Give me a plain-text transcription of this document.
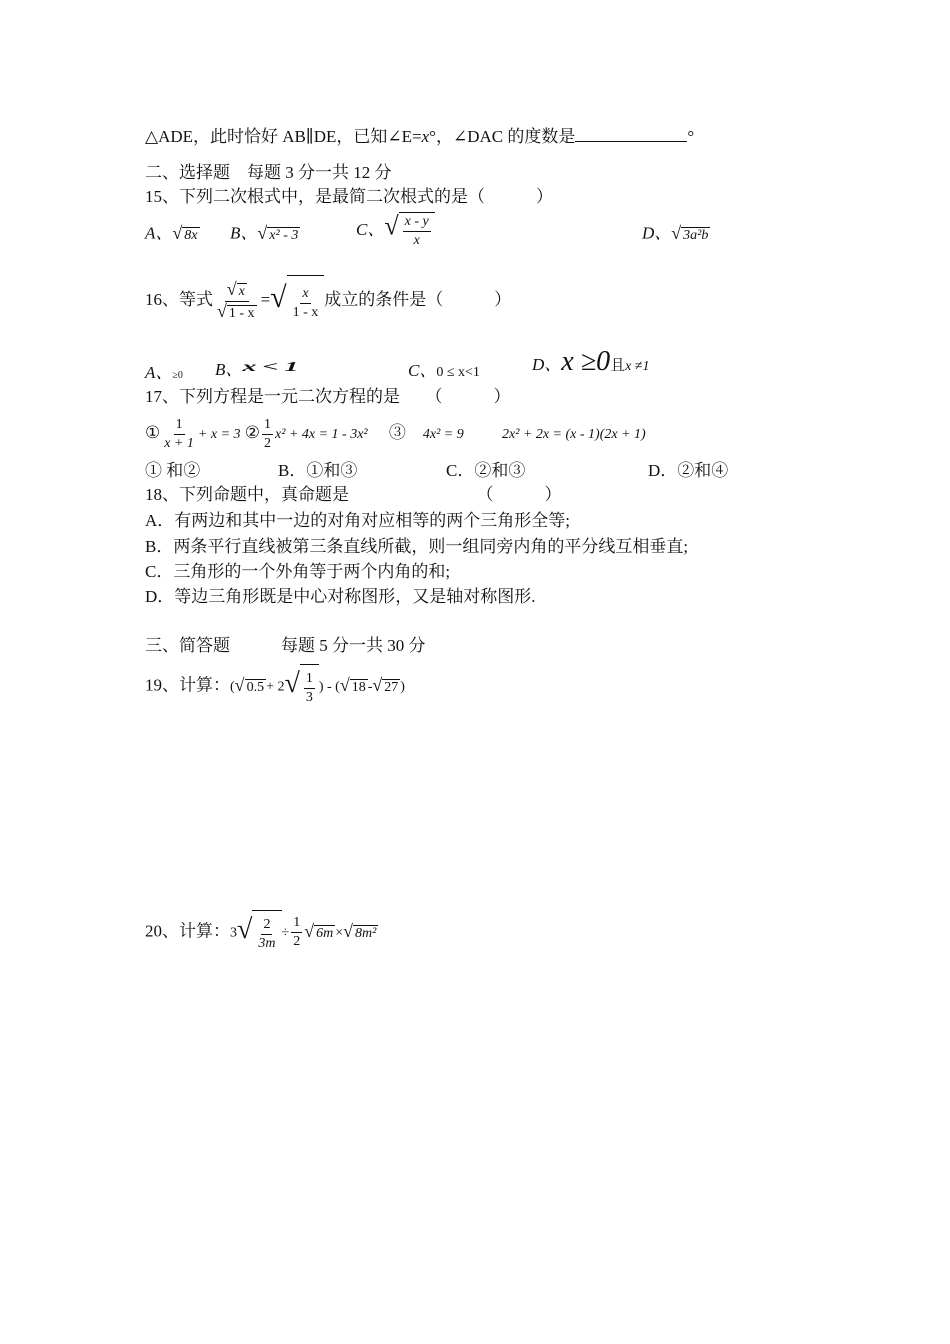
△ADE，此时恰好 AB∥DE，已知∠E=x°，∠DAC 的度数是	°
二、选择题　 每题 3 分一共 12 分
15、下列二次根式中，是最简二次根式的是（　　　）
A、√ 8x B、√ x² - 3	C、√ $\frac{x - y}{x}$	D、√ 3a²b
16、等式 $\frac{√ x}{√ 1 - x}$ =√ $\frac{x}{1 - x}$ 成立的条件是（　　　）
A、≥0 B、x<1	C、0 ≤ x<1	D、x ≥0且x ≠1
17、下列方程是一元二次方程的是　　（　　　）
① $\frac{1}{x + 1} + x = 3$ ② $\frac{1}{2} x^2 + 4x = 1 - 3x^2$ 　 ③　 4x² = 9 　　	2x² + 2x = (x - 1)(2x + 1)
① 和②	B．①和③	C．②和③	D．②和④
18、下列命题中，真命题是　　　　　　　　（　　　）
A．有两边和其中一边的对角对应相等的两个三角形全等;
B．两条平行直线被第三条直线所截，则一组同旁内角的平分线互相垂直;
C．三角形的一个外角等于两个内角的和;
D．等边三角形既是中心对称图形，又是轴对称图形.
三、简答题　　　	每题 5 分一共 30 分
19、计算：(√ $0.5 + 2√ \frac{1}{3}$ ) - (√ 18 -√ 27 )
20、计算：$3√ \frac{2}{3m} \div \frac{1}{2}$ √ 6m ×√ 8m²
